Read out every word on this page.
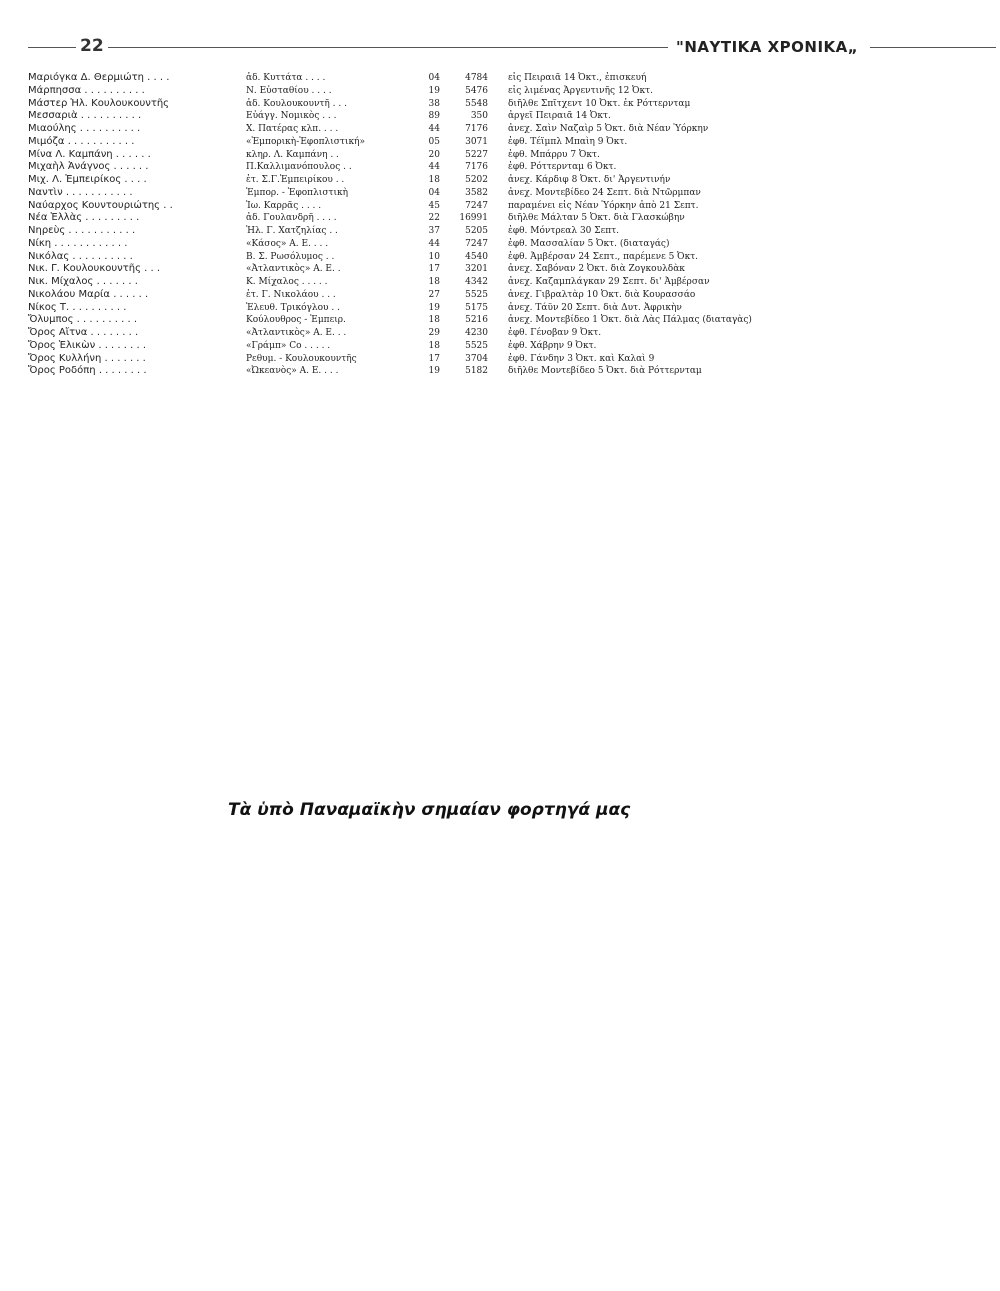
22	"ΝΑΥΤΙΚΑ ΧΡΟΝΙΚΑ„
Μαριόγκα Δ. Θερμιώτη . . . .	ἀδ. Κυττάτα . . . .	04	4784 εἰς Πειραιᾶ 14 Ὀκτ., ἐπισκευή
Μάρπησσα . . . . . . . . . .	Ν. Εὐσταθίου . . . .	19	5476 εἰς λιμένας Ἀργεντινῆς 12 Ὀκτ.
Μάστερ Ἠλ. Κουλουκουντῆς	ἀδ. Κουλουκουντῆ . . .	38	5548 διῆλθε Σπῖτχεντ 10 Ὀκτ. ἐκ Ρόττερνταμ
Μεσσαριὰ . . . . . . . . . .	Εὐάγγ. Νομικὸς . . .	89	350 ἀργεῖ Πειραιᾶ 14 Ὀκτ.
Μιαούλης . . . . . . . . . .	Χ. Πατέρας κλπ. . . .	44	7176 ἀνεχ. Σαὶν Ναζαὶρ 5 Ὀκτ. διὰ Νέαν Ὑόρκην
Μιμόζα . . . . . . . . . . .	«Ἐμπορικὴ-Ἐφοπλιστική»	05	3071 ἐφθ. Τέϊμπλ Μπαὶη 9 Ὀκτ.
Μίνα Λ. Καμπάνη . . . . . .	κληρ. Λ. Καμπάνη . .	20	5227 ἐφθ. Μπάρρυ 7 Ὀκτ.
Μιχαὴλ Ἀνάγνος . . . . . .	Π.Καλλιμανόπουλος . .	44	7176 ἐφθ. Ρόττερνταμ 6 Ὀκτ.
Μιχ. Λ. Ἐμπειρίκος . . . .	ἑτ. Σ.Γ.Ἐμπειρίκου . .	18	5202 ἀνεχ. Κάρδιφ 8 Ὀκτ. δι' Ἀργεντινήν
Ναντὶν . . . . . . . . . . .	Ἐμπορ. - Ἐφοπλιστικὴ	04	3582 ἀνεχ. Μοντεβίδεο 24 Σεπτ. διὰ Ντῶρμπαν
Ναύαρχος Κουντουριώτης . .	Ἰω. Καρρᾶς . . . .	45	7247 παραμένει εἰς Νέαν Ὑόρκην ἀπὸ 21 Σεπτ.
Νέα Ἑλλὰς . . . . . . . . .	ἀδ. Γουλανδρῆ . . . .	22	16991 διῆλθε Μάλταν 5 Ὀκτ. διὰ Γλασκώβην
Νηρεὺς . . . . . . . . . . .	Ἠλ. Γ. Χατζηλίας . .	37	5205 ἐφθ. Μόντρεαλ 30 Σεπτ.
Νίκη . . . . . . . . . . . .	«Κάσος» Α. Ε. . . .	44	7247 ἐφθ. Μασσαλίαν 5 Ὀκτ. (διαταγάς)
Νικόλας . . . . . . . . . .	Β. Σ. Ρωσόλυμος . .	10	4540 ἐφθ. Ἀμβέρσαν 24 Σεπτ., παρέμενε 5 Ὀκτ.
Νικ. Γ. Κουλουκουντῆς . . .	«Ἀτλαντικὸς» Α. Ε. .	17	3201 ἀνεχ. Σαβόναν 2 Ὀκτ. διὰ Ζογκουλδὰκ
Νικ. Μίχαλος . . . . . . .	Κ. Μίχαλος . . . . .	18	4342 ἀνεχ. Καζαμπλάγκαν 29 Σεπτ. δι' Ἀμβέρσαν
Νικολάου Μαρία . . . . . .	ἑτ. Γ. Νικολάου . . .	27	5525 ἀνεχ. Γιβραλτὰρ 10 Ὀκτ. διὰ Κουρασσάο
Νίκος Τ. . . . . . . . . .	Ἐλευθ. Τρικόγλου . .	19	5175 ἀνεχ. Τάϋν 20 Σεπτ. διὰ Δυτ. Ἀφρικὴν
Ὄλυμπος . . . . . . . . . .	Κούλουθρος - Ἐμπειρ.	18	5216 ἀνεχ. Μοντεβίδεο 1 Ὀκτ. διὰ Λὰς Πάλμας (διαταγὰς)
Ὄρος Αἴτνα . . . . . . . .	«Ἀτλαντικὸς» Α. Ε. . .	29	4230 ἐφθ. Γένοβαν 9 Ὀκτ.
Ὄρος Ἑλικὼν . . . . . . . .	«Γράμπ» Co . . . . .	18	5525 ἐφθ. Χάβρην 9 Ὀκτ.
Ὄρος Κυλλήνη . . . . . . .	Ρεθυμ. - Κουλουκουντῆς	17	3704 ἐφθ. Γάνδην 3 Ὀκτ. καὶ Καλαὶ 9
Ὄρος Ροδόπη . . . . . . . .	«Ὠκεανὸς» Α. Ε. . . .	19	5182 διῆλθε Μοντεβίδεο 5 Ὀκτ. διὰ Ρόττερνταμ
Τὰ ὑπὸ Παναμαϊκὴν σημαίαν φορτηγά μας
